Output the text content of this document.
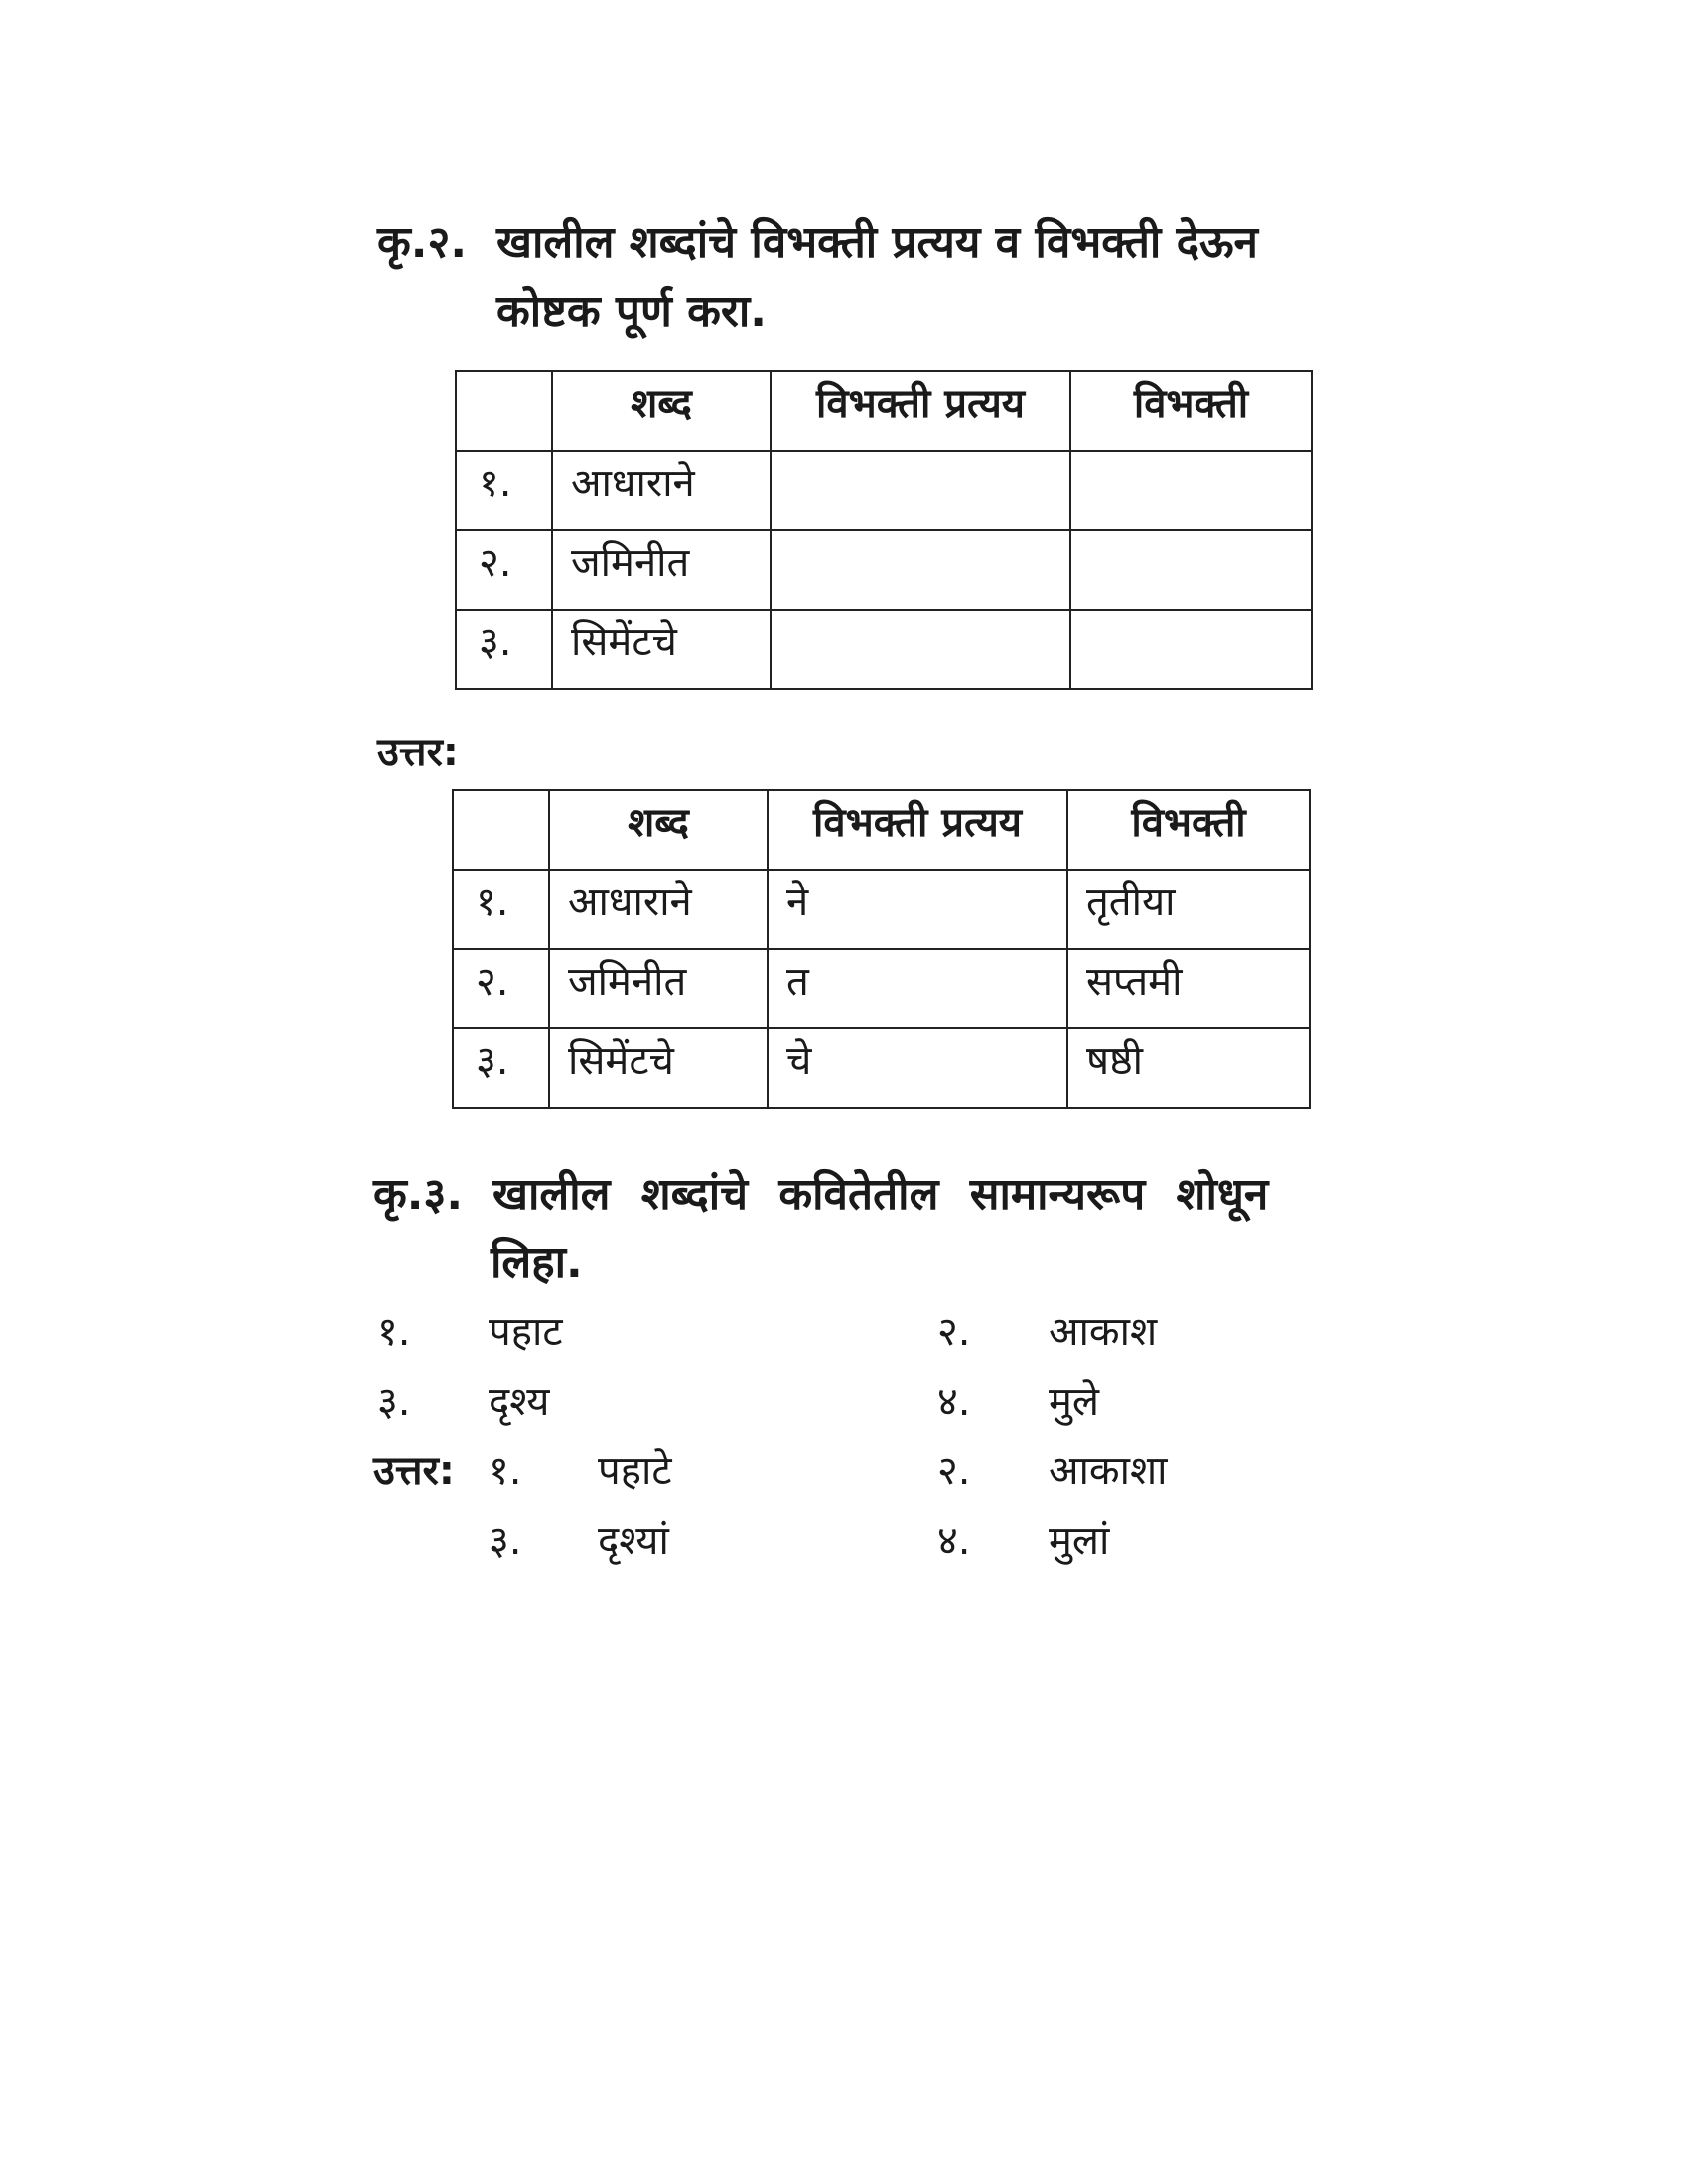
कृ.२. खालील शब्दांचे विभक्ती प्रत्यय व विभक्ती देऊन
कोष्टक पूर्ण करा.
	शब्द	विभक्ती प्रत्यय	विभक्ती
१.	आधाराने		
२.	जमिनीत		
३.	सिमेंटचे		
उत्तर:
	शब्द	विभक्ती प्रत्यय	विभक्ती
१.	आधाराने	ने	तृतीया
२.	जमिनीत	त	सप्तमी
३.	सिमेंटचे	चे	षष्ठी
कृ.३. खालील शब्दांचे कवितेतील सामान्यरूप शोधून
लिहा.
१. पहाट	२. आकाश
३. दृश्य	४. मुले
उत्तर: १. पहाटे	२. आकाशा
३. दृश्यां	४. मुलां
